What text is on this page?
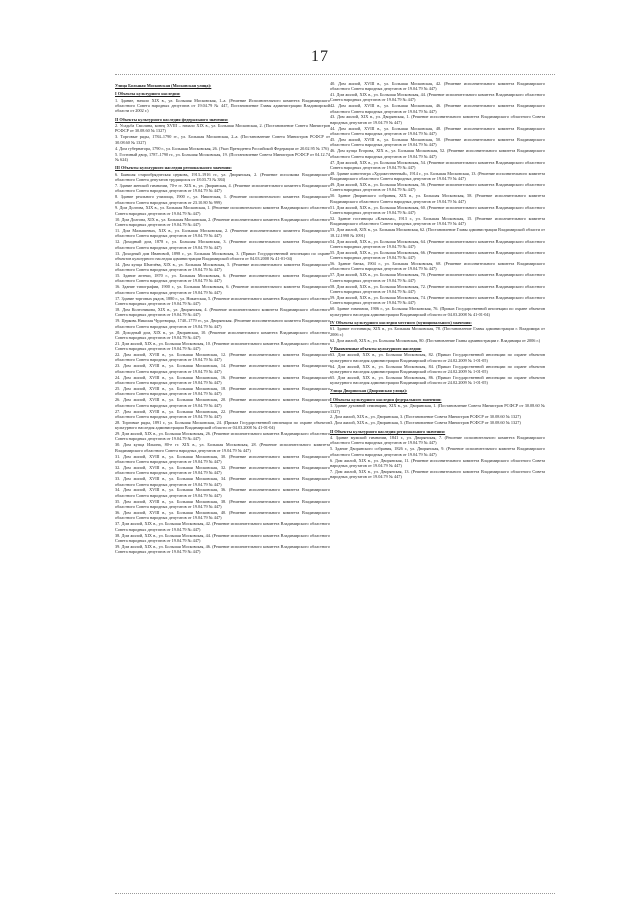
17

Улица Большая Московская (Московская улица):

I Объекты культурного наследия:

1. Здание, начало XIX в., ул. Большая Московская, 1–а. (Решение Исполнительного комитета Владимирского областного Совета народных депутатов от 19.04.79 № 447, Постановление Главы администрации Владимирской области от 2002 г.)

II Объекты культурного наследия федерального значения:

2. Усадьба Смолина, конец XVIII – начало XIX в., ул. Большая Московская, 2. (Постановление Совета Министров РСФСР от 30.08.60 № 1327)

3. Торговые ряды, 1784–1790 гг., ул. Большая Московская, 2–а. (Постановление Совета Министров РСФСР от 30.08.60 № 1327)

4. Дом губернатора, 1790 г., ул. Большая Московская, 26. (Указ Президента Российской Федерации от 20.02.95 № 176)

5. Гостиный двор, 1787–1790 гг., ул. Большая Московская, 19. (Постановление Совета Министров РСФСР от 04.12.74 № 624)

III Объекты культурного наследия регионального значения:

6. Бывшая старообрядческая церковь, 1913–1916 гг., ул. Дворянская, 2. (Решение исполкома Владимирского областного Совета депутатов трудящихся от 18.03.73 № 384)

7. Здание женской гимназии, 70-е гг. XIX в., ул. Дворянская, 4. (Решение исполнительного комитета Владимирского областного Совета народных депутатов от 19.04.79 № 447)

8. Здание реального училища, 1900 г., ул. Никитская, 1. (Решение исполнительного комитета Владимирского областного Совета народных депутатов от 23.10.80 № 999)

9. Дом Долгова, XIX в., ул. Большая Московская, 1. (Решение исполнительного комитета Владимирского областного Совета народных депутатов от 19.04.79 № 447)

10. Дом Долгова, XIX в., ул. Большая Московская, 2. (Решение исполнительного комитета Владимирского областного Совета народных депутатов от 19.04.79 № 447)

11. Дом Малышевых, XIX в., ул. Большая Московская, 2. (Решение исполнительного комитета Владимирского областного Совета народных депутатов от 19.04.79 № 447)

12. Доходный дом, 1878 г., ул. Большая Московская, 3. (Решение исполнительного комитета Владимирского областного Совета народных депутатов от 19.04.79 № 447)

13. Доходный дом Ивановой, 1898 г., ул. Большая Московская, 3. (Приказ Государственной инспекции по охране объектов культурного наследия администрации Владимирской области от 04.03.2008 № 41-01-04)

14. Дом купца Шмелёва, XIX в., ул. Большая Московская, 5. (Решение исполнительного комитета Владимирского областного Совета народных депутатов от 19.04.79 № 447)

15. Здание аптеки, 1870 г., ул. Большая Московская, 6. (Решение исполнительного комитета Владимирского областного Совета народных депутатов от 19.04.79 № 447)

16. Здание типографии, 1900 г., ул. Большая Московская, 6. (Решение исполнительного комитета Владимирского областного Совета народных депутатов от 19.04.79 № 447)

17. Здание торговых рядов, 1880 г., ул. Никитская, 5. (Решение исполнительного комитета Владимирского областного Совета народных депутатов от 19.04.79 № 447)

18. Дом Колесникова, XIX в., ул. Дворянская, 4. (Решение исполнительного комитета Владимирского областного Совета народных депутатов от 19.04.79 № 447)

19. Церковь Николая Чудотворца, 1740–1779 гг., ул. Дворянская. (Решение исполнительного комитета Владимирского областного Совета народных депутатов от 19.04.79 № 447)

20. Доходный дом, XIX в., ул. Дворянская, 10. (Решение исполнительного комитета Владимирского областного Совета народных депутатов от 19.04.79 № 447)

21. Дом жилой, XIX в., ул. Большая Московская, 10. (Решение исполнительного комитета Владимирского областного Совета народных депутатов от 19.04.79 № 447)

22. Дом жилой, XVIII в., ул. Большая Московская, 12. (Решение исполнительного комитета Владимирского областного Совета народных депутатов от 19.04.79 № 447)

23. Дом жилой, XVIII в., ул. Большая Московская, 14. (Решение исполнительного комитета Владимирского областного Совета народных депутатов от 19.04.79 № 447)

24. Дом жилой, XVIII в., ул. Большая Московская, 16. (Решение исполнительного комитета Владимирского областного Совета народных депутатов от 19.04.79 № 447)

25. Дом жилой, XVIII в., ул. Большая Московская, 18. (Решение исполнительного комитета Владимирского областного Совета народных депутатов от 19.04.79 № 447)

26. Дом жилой, XVIII в., ул. Большая Московская, 20. (Решение исполнительного комитета Владимирского областного Совета народных депутатов от 19.04.79 № 447)

27. Дом жилой, XVIII в., ул. Большая Московская, 22. (Решение исполнительного комитета Владимирского областного Совета народных депутатов от 19.04.79 № 447)

28. Торговые ряды, 1891 г., ул. Большая Московская, 24. (Приказ Государственной инспекции по охране объектов культурного наследия администрации Владимирской области от 04.03.2008 № 41-01-04)

29. Дом жилой, XIX в., ул. Большая Московская, 26. (Решение исполнительного комитета Владимирского областного Совета народных депутатов от 19.04.79 № 447)

30. Дом купца Ильина, 80-е гг. XIX в., ул. Большая Московская, 28. (Решение исполнительного комитета Владимирского областного Совета народных депутатов от 19.04.79 № 447)

31. Дом жилой, XVIII в., ул. Большая Московская, 30. (Решение исполнительного комитета Владимирского областного Совета народных депутатов от 19.04.79 № 447)

32. Дом жилой, XVIII в., ул. Большая Московская, 32. (Решение исполнительного комитета Владимирского областного Совета народных депутатов от 19.04.79 № 447)

33. Дом жилой, XVIII в., ул. Большая Московская, 34. (Решение исполнительного комитета Владимирского областного Совета народных депутатов от 19.04.79 № 447)

34. Дом жилой, XVIII в., ул. Большая Московская, 36. (Решение исполнительного комитета Владимирского областного Совета народных депутатов от 19.04.79 № 447)

35. Дом жилой, XVIII в., ул. Большая Московская, 38. (Решение исполнительного комитета Владимирского областного Совета народных депутатов от 19.04.79 № 447)

36. Дом жилой, XVIII в., ул. Большая Московская, 40. (Решение исполнительного комитета Владимирского областного Совета народных депутатов от 19.04.79 № 447)

37. Дом жилой, XIX в., ул. Большая Московская, 42. (Решение исполнительного комитета Владимирского областного Совета народных депутатов от 19.04.79 № 447)

38. Дом жилой, XIX в., ул. Большая Московская, 44. (Решение исполнительного комитета Владимирского областного Совета народных депутатов от 19.04.79 № 447)

39. Дом жилой, XIX в., ул. Большая Московская, 46. (Решение исполнительного комитета Владимирского областного Совета народных депутатов от 19.04.79 № 447)

40. Дом жилой, XVIII в., ул. Большая Московская, 42. (Решение исполнительного комитета Владимирского областного Совета народных депутатов от 19.04.79 № 447)

41. Дом жилой, XIX в., ул. Большая Московская, 44. (Решение исполнительного комитета Владимирского областного Совета народных депутатов от 19.04.79 № 447)

42. Дом жилой, XVIII в., ул. Большая Московская, 46. (Решение исполнительного комитета Владимирского областного Совета народных депутатов от 19.04.79 № 447)

43. Дом жилой, XIX в., ул. Дворянская, 1. (Решение исполнительного комитета Владимирского областного Совета народных депутатов от 19.04.79 № 447)

44. Дом жилой, XVIII в., ул. Большая Московская, 48. (Решение исполнительного комитета Владимирского областного Совета народных депутатов от 19.04.79 № 447)

45. Дом жилой, XVIII в., ул. Большая Московская, 50. (Решение исполнительного комитета Владимирского областного Совета народных депутатов от 19.04.79 № 447)

46. Дом купца Егорова, XIX в., ул. Большая Московская, 52. (Решение исполнительного комитета Владимирского областного Совета народных депутатов от 19.04.79 № 447)

47. Дом жилой, XIX в., ул. Большая Московская, 54. (Решение исполнительного комитета Владимирского областного Совета народных депутатов от 19.04.79 № 447)

48. Здание кинотеатра «Художественный», 1914 г., ул. Большая Московская, 13. (Решение исполнительного комитета Владимирского областного Совета народных депутатов от 19.04.79 № 447)

49. Дом жилой, XIX в., ул. Большая Московская, 56. (Решение исполнительного комитета Владимирского областного Совета народных депутатов от 19.04.79 № 447)

50. Здание Дворянского собрания, XIX в., ул. Большая Московская, 58. (Решение исполнительного комитета Владимирского областного Совета народных депутатов от 19.04.79 № 447)

51. Дом жилой, XIX в., ул. Большая Московская, 60. (Решение исполнительного комитета Владимирского областного Совета народных депутатов от 19.04.79 № 447)

52. Здание гостиницы «Клязьма», 1913 г., ул. Большая Московская, 15. (Решение исполнительного комитета Владимирского областного Совета народных депутатов от 19.04.79 № 447)

53. Дом жилой, XIX в., ул. Большая Московская, 62. (Постановление Главы администрации Владимирской области от 18.12.1998 № 1091)

54. Дом жилой, XIX в., ул. Большая Московская, 64. (Решение исполнительного комитета Владимирского областного Совета народных депутатов от 19.04.79 № 447)

55. Дом жилой, XIX в., ул. Большая Московская, 66. (Решение исполнительного комитета Владимирского областного Совета народных депутатов от 19.04.79 № 447)

56. Здание банка, 1904 г., ул. Большая Московская, 68. (Решение исполнительного комитета Владимирского областного Совета народных депутатов от 19.04.79 № 447)

57. Дом жилой, XIX в., ул. Большая Московская, 70. (Решение исполнительного комитета Владимирского областного Совета народных депутатов от 19.04.79 № 447)

58. Дом жилой, XIX в., ул. Большая Московская, 72. (Решение исполнительного комитета Владимирского областного Совета народных депутатов от 19.04.79 № 447)

59. Дом жилой, XIX в., ул. Большая Московская, 74. (Решение исполнительного комитета Владимирского областного Совета народных депутатов от 19.04.79 № 447)

60. Здание гимназии, 1906 г., ул. Большая Московская, 76. (Приказ Государственной инспекции по охране объектов культурного наследия администрации Владимирской области от 04.03.2008 № 41-01-04)

IV Объекты культурного наследия местного (муниципального) значения:

61. Здание гостиницы, XIX в., ул. Большая Московская, 78. (Постановление Главы администрации г. Владимира от 2006 г.)

62. Дом жилой, XIX в., ул. Большая Московская, 80. (Постановление Главы администрации г. Владимира от 2006 г.)

V Выявленные объекты культурного наследия:

63. Дом жилой, XIX в., ул. Большая Московская, 82. (Приказ Государственной инспекции по охране объектов культурного наследия администрации Владимирской области от 24.02.2009 № 1-01-05)

64. Дом жилой, XIX в., ул. Большая Московская, 84. (Приказ Государственной инспекции по охране объектов культурного наследия администрации Владимирской области от 24.02.2009 № 1-01-05)

65. Дом жилой, XIX в., ул. Большая Московская, 86. (Приказ Государственной инспекции по охране объектов культурного наследия администрации Владимирской области от 24.02.2009 № 1-01-05)

Улица Дворянская (Дворянская улица):

I Объекты культурного наследия федерального значения:

1. Здание духовной семинарии, XIX в., ул. Дворянская, 1. (Постановление Совета Министров РСФСР от 30.08.60 № 1327)

2. Дом жилой, XIX в., ул. Дворянская, 3. (Постановление Совета Министров РСФСР от 30.08.60 № 1327)

3. Дом жилой, XIX в., ул. Дворянская, 5. (Постановление Совета Министров РСФСР от 30.08.60 № 1327)

II Объекты культурного наследия регионального значения:

4. Здание мужской гимназии, 1841 г., ул. Дворянская, 7. (Решение исполнительного комитета Владимирского областного Совета народных депутатов от 19.04.79 № 447)

5. Здание Дворянского собрания, 1826 г., ул. Дворянская, 9. (Решение исполнительного комитета Владимирского областного Совета народных депутатов от 19.04.79 № 447)

6. Дом жилой, XIX в., ул. Дворянская, 11. (Решение исполнительного комитета Владимирского областного Совета народных депутатов от 19.04.79 № 447)

7. Дом жилой, XIX в., ул. Дворянская, 13. (Решение исполнительного комитета Владимирского областного Совета народных депутатов от 19.04.79 № 447)
